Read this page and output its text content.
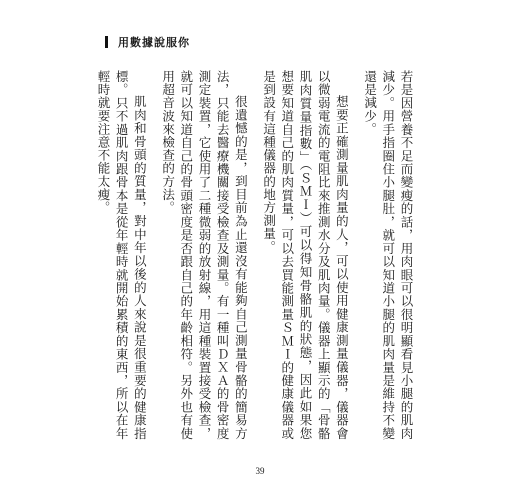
用數據說服你

若是因營養不足而變瘦的話，用肉眼可以很明顯看見小腿的肌肉減少。用手指圈住小腿肚，就可以知道小腿的肌肉量是維持不變還是減少。

想要正確測量肌肉量的人，可以使用健康測量儀器，儀器會以微弱電流的電阻比來推測水分及肌肉量。儀器上顯示的「骨骼肌肉質量指數」（ＳＭＩ）可以得知骨骼肌的狀態，因此如果您想要知道自己的肌肉質量，可以去買能測量ＳＭＩ的健康儀器或是到設有這種儀器的地方測量。

很遺憾的是，到目前為止還沒有能夠自己測量骨骼的簡易方法，只能去醫療機關接受檢查及測量。有一種叫ＤＸＡ的骨密度測定裝置，它使用了二種微弱的放射線，用這種裝置接受檢查，就可以知道自己的骨頭密度是否跟自己的年齡相符。另外也有使用超音波來檢查的方法。

肌肉和骨頭的質量，對中年以後的人來說是很重要的健康指標。只不過肌肉跟骨本是從年輕時就開始累積的東西，所以在年輕時就要注意不能太瘦。

39
